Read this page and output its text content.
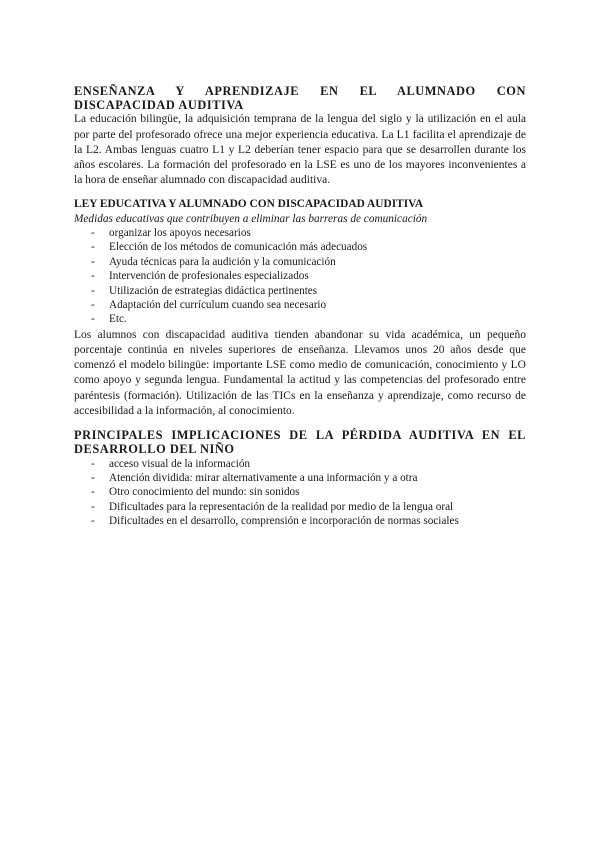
ENSEÑANZA Y APRENDIZAJE EN EL ALUMNADO CON DISCAPACIDAD AUDITIVA

La educación bilingüe, la adquisición temprana de la lengua del siglo y la utilización en el aula por parte del profesorado ofrece una mejor experiencia educativa. La L1 facilita el aprendizaje de la L2. Ambas lenguas cuatro L1 y L2 deberían tener espacio para que se desarrollen durante los años escolares. La formación del profesorado en la LSE es uno de los mayores inconvenientes a la hora de enseñar alumnado con discapacidad auditiva.

LEY EDUCATIVA Y ALUMNADO CON DISCAPACIDAD AUDITIVA

Medidas educativas que contribuyen a eliminar las barreras de comunicación

- organizar los apoyos necesarios
- Elección de los métodos de comunicación más adecuados
- Ayuda técnicas para la audición y la comunicación
- Intervención de profesionales especializados
- Utilización de estrategias didáctica pertinentes
- Adaptación del currículum cuando sea necesario
- Etc.

Los alumnos con discapacidad auditiva tienden abandonar su vida académica, un pequeño porcentaje continúa en niveles superiores de enseñanza. Llevamos unos 20 años desde que comenzó el modelo bilingüe: importante LSE como medio de comunicación, conocimiento y LO como apoyo y segunda lengua. Fundamental la actitud y las competencias del profesorado entre paréntesis (formación). Utilización de las TICs en la enseñanza y aprendizaje, como recurso de accesibilidad a la información, al conocimiento.

PRINCIPALES IMPLICACIONES DE LA PÉRDIDA AUDITIVA EN EL DESARROLLO DEL NIÑO

- acceso visual de la información
- Atención dividida: mirar alternativamente a una información y a otra
- Otro conocimiento del mundo: sin sonidos
- Dificultades para la representación de la realidad por medio de la lengua oral
- Dificultades en el desarrollo, comprensión e incorporación de normas sociales
